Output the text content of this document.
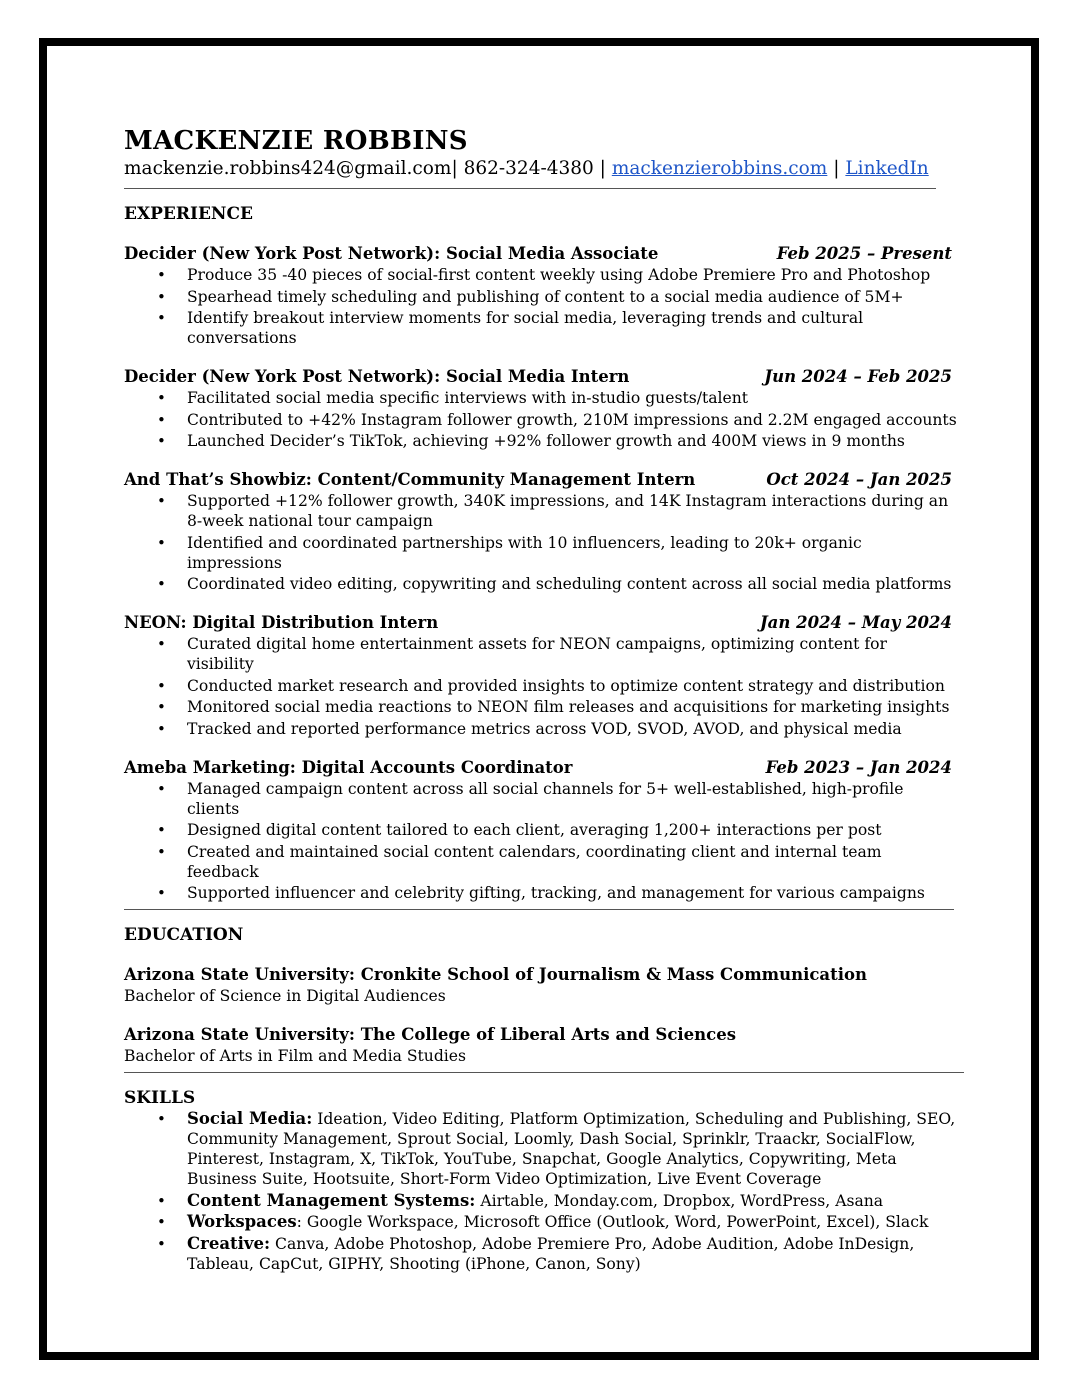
MACKENZIE ROBBINS
mackenzie.robbins424@gmail.com| 862-324-4380 | mackenzierobbins.com | LinkedIn
EXPERIENCE
Decider (New York Post Network): Social Media Associate	Feb 2025 – Present
• Produce 35 -40 pieces of social-first content weekly using Adobe Premiere Pro and Photoshop
• Spearhead timely scheduling and publishing of content to a social media audience of 5M+
• Identify breakout interview moments for social media, leveraging trends and cultural conversations
Decider (New York Post Network): Social Media Intern	Jun 2024 – Feb 2025
• Facilitated social media specific interviews with in-studio guests/talent
• Contributed to +42% Instagram follower growth, 210M impressions and 2.2M engaged accounts
• Launched Decider’s TikTok, achieving +92% follower growth and 400M views in 9 months
And That’s Showbiz: Content/Community Management Intern	Oct 2024 – Jan 2025
• Supported +12% follower growth, 340K impressions, and 14K Instagram interactions during an 8-week national tour campaign
• Identified and coordinated partnerships with 10 influencers, leading to 20k+ organic impressions
• Coordinated video editing, copywriting and scheduling content across all social media platforms
NEON: Digital Distribution Intern	Jan 2024 – May 2024
• Curated digital home entertainment assets for NEON campaigns, optimizing content for visibility
• Conducted market research and provided insights to optimize content strategy and distribution
• Monitored social media reactions to NEON film releases and acquisitions for marketing insights
• Tracked and reported performance metrics across VOD, SVOD, AVOD, and physical media
Ameba Marketing: Digital Accounts Coordinator	Feb 2023 – Jan 2024
• Managed campaign content across all social channels for 5+ well-established, high-profile clients
• Designed digital content tailored to each client, averaging 1,200+ interactions per post
• Created and maintained social content calendars, coordinating client and internal team feedback
• Supported influencer and celebrity gifting, tracking, and management for various campaigns
EDUCATION
Arizona State University: Cronkite School of Journalism & Mass Communication
Bachelor of Science in Digital Audiences
Arizona State University: The College of Liberal Arts and Sciences
Bachelor of Arts in Film and Media Studies
SKILLS
• Social Media: Ideation, Video Editing, Platform Optimization, Scheduling and Publishing, SEO, Community Management, Sprout Social, Loomly, Dash Social, Sprinklr, Traackr, SocialFlow, Pinterest, Instagram, X, TikTok, YouTube, Snapchat, Google Analytics, Copywriting, Meta Business Suite, Hootsuite, Short-Form Video Optimization, Live Event Coverage
• Content Management Systems: Airtable, Monday.com, Dropbox, WordPress, Asana
• Workspaces: Google Workspace, Microsoft Office (Outlook, Word, PowerPoint, Excel), Slack
• Creative: Canva, Adobe Photoshop, Adobe Premiere Pro, Adobe Audition, Adobe InDesign, Tableau, CapCut, GIPHY, Shooting (iPhone, Canon, Sony)
